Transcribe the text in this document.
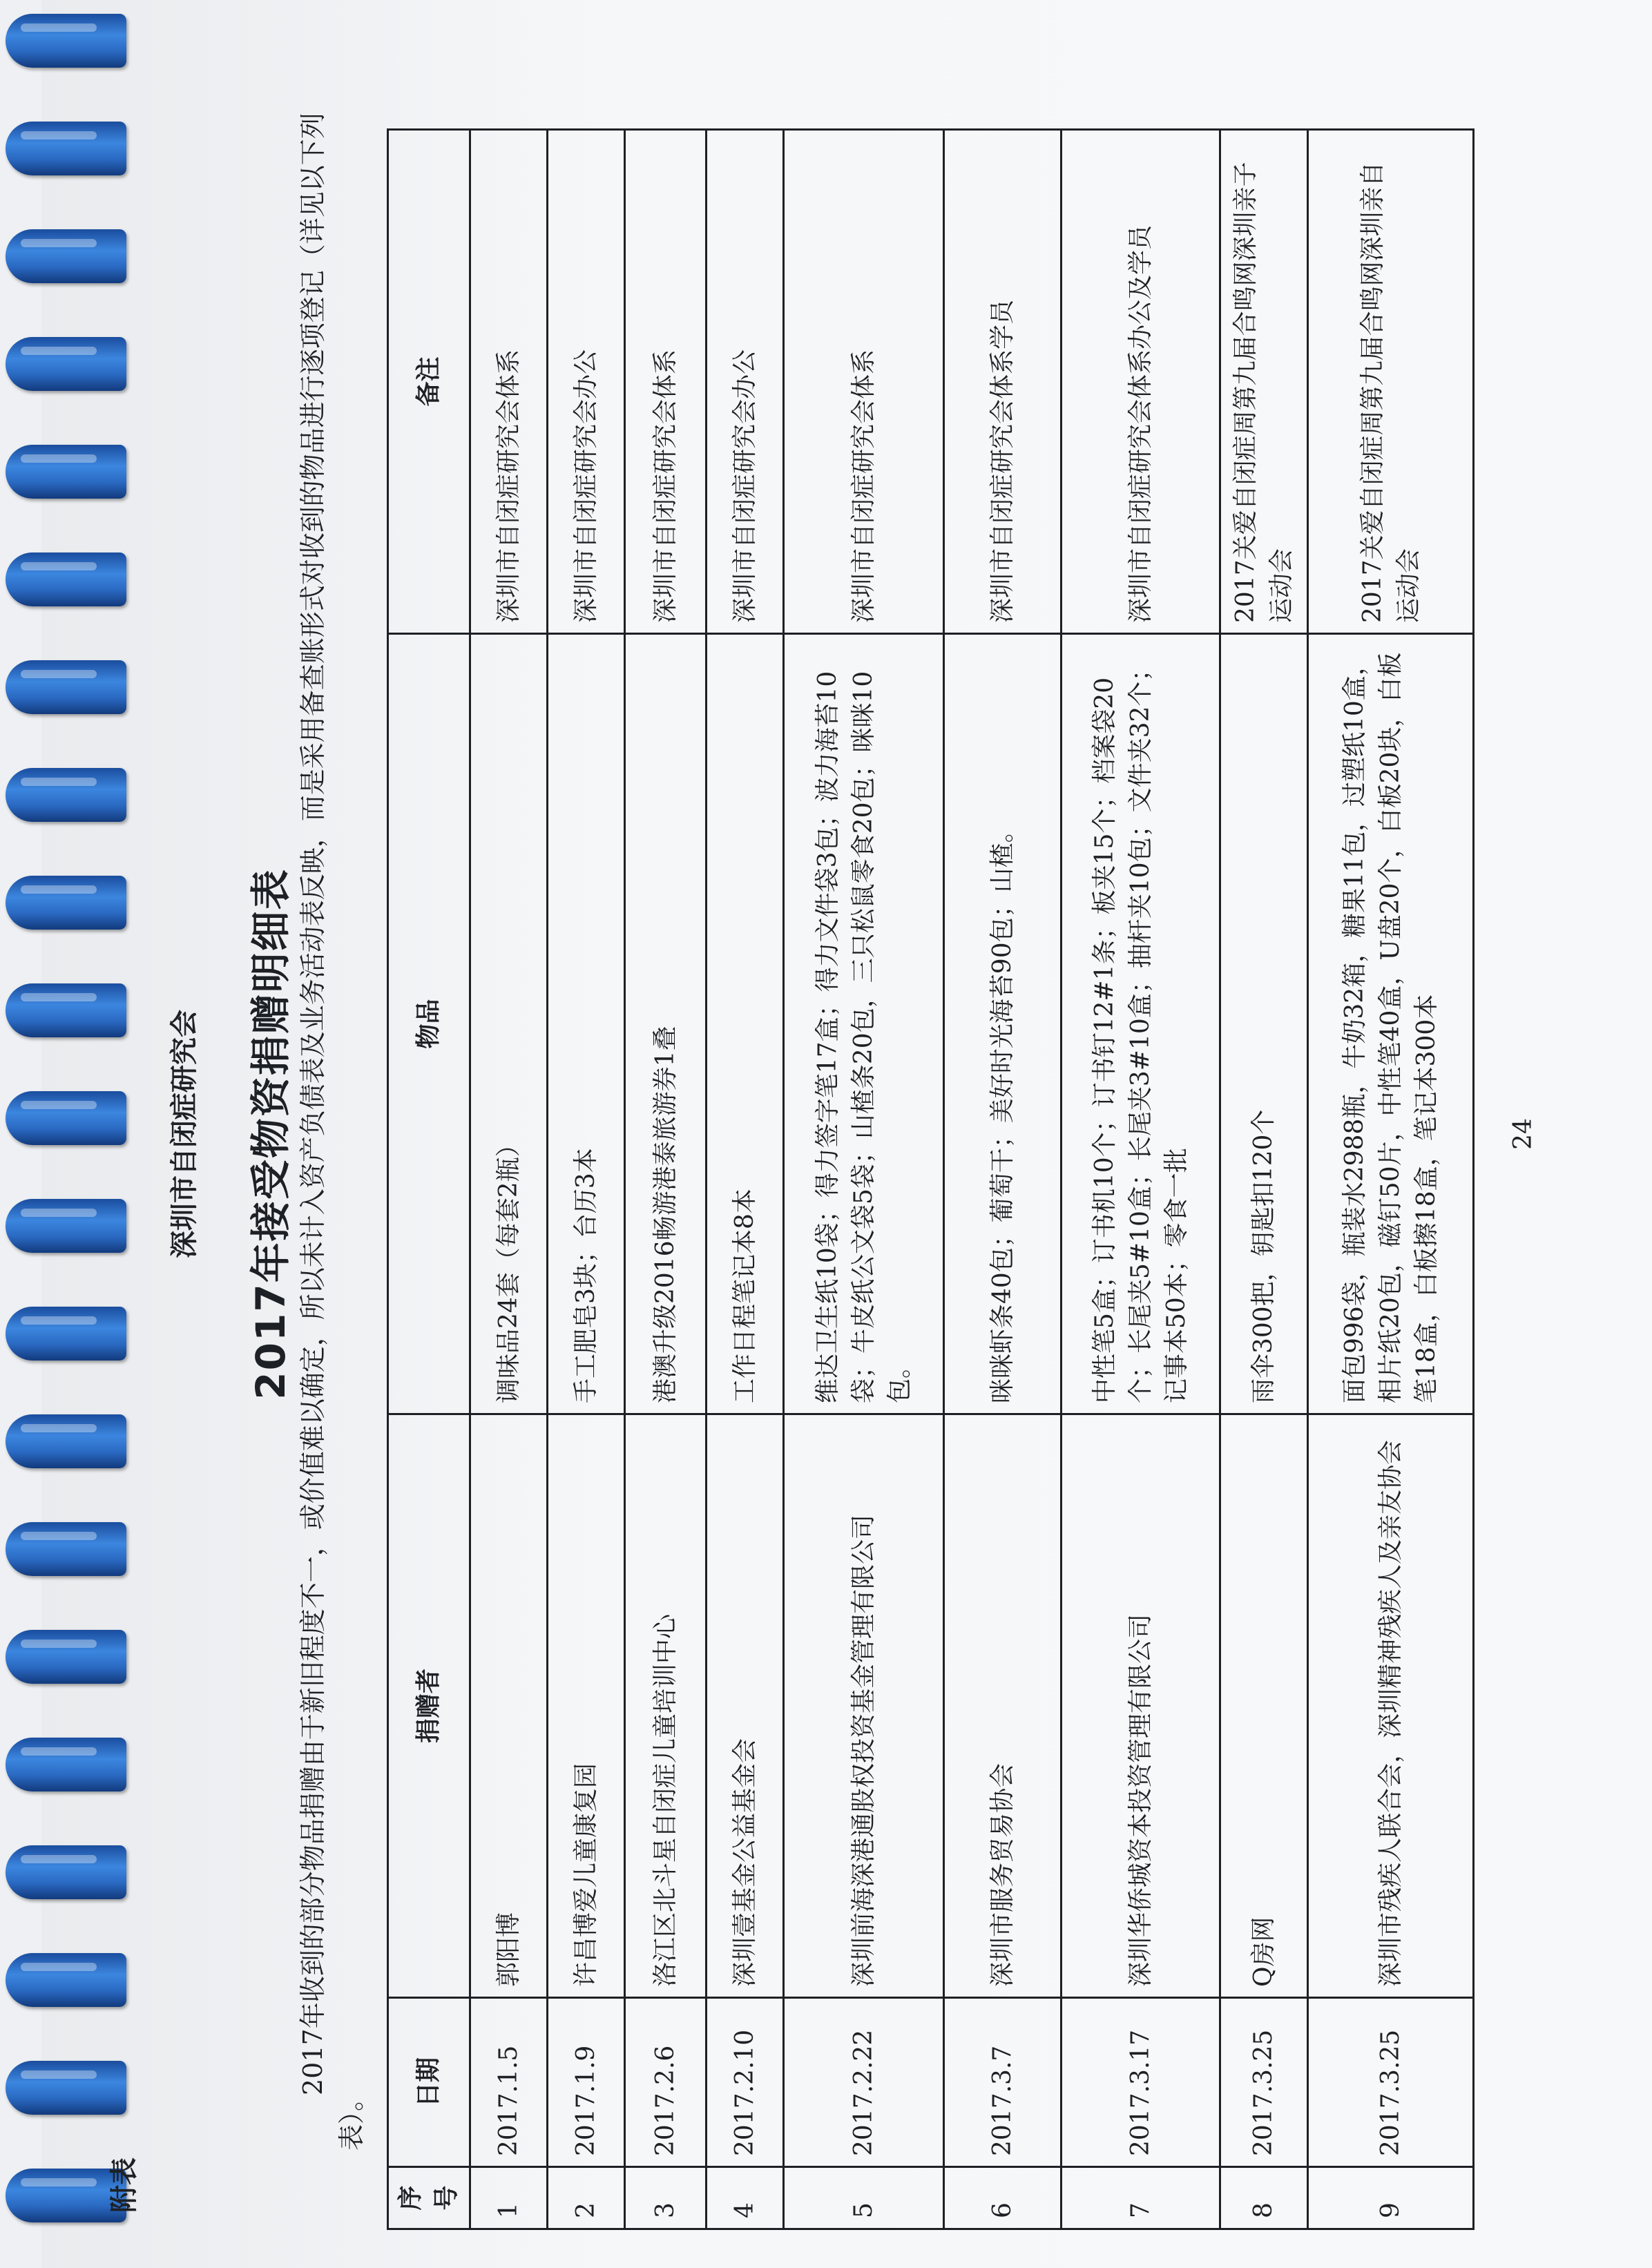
附表
深圳市自闭症研究会 2017年接受物资捐赠明细表 2017年收到的部分物品捐赠由于新旧程度不一，或价值难以确定，所以未计入资产负债表及业务活动表反映，而是采用备查账形式对收到的物品进行逐项登记（详见以下列表）。
序号	日期	捐赠者	物品	备注
1	2017.1.5	郭阳博	调味品24套（每套2瓶）	深圳市自闭症研究会体系
2	2017.1.9	许昌博爱儿童康复园	手工肥皂3块；台历3本	深圳市自闭症研究会办公
3	2017.2.6	洛江区北斗星自闭症儿童培训中心	港澳升级2016畅游港泰旅游券1叠	深圳市自闭症研究会体系
4	2017.2.10	深圳壹基金公益基金会	工作日程笔记本8本	深圳市自闭症研究会办公
5	2017.2.22	深圳前海深港通股权投资基金管理有限公司	维达卫生纸10袋；得力签字笔17盒；得力文件袋3包；波力海苔10袋；牛皮纸公文袋5袋；山楂条20包，三只松鼠零食20包；咪咪10包。	深圳市自闭症研究会体系
6	2017.3.7	深圳市服务贸易协会	咪咪虾条40包；葡萄干；美好时光海苔90包；山楂。	深圳市自闭症研究会体系学员
7	2017.3.17	深圳华侨城资本投资管理有限公司	中性笔5盒；订书机10个；订书钉12#1条；板夹15个；档案袋20个；长尾夹5#10盒；长尾夹3#10盒；抽杆夹10包；文件夹32个；记事本50本；零食一批	深圳市自闭症研究会体系办公及学员
8	2017.3.25	Q房网	雨伞300把，钥匙扣120个	2017关爱自闭症周第九届合鸣网深圳亲子运动会
9	2017.3.25	深圳市残疾人联合会，深圳精神残疾人及亲友协会	面包996袋，瓶装水2988瓶，牛奶32箱，糖果11包，过塑纸10盒，相片纸20包，磁钉50片，中性笔40盒，U盘20个，白板20块，白板笔18盒，白板擦18盒，笔记本300本	2017关爱自闭症周第九届合鸣网深圳亲自运动会
24
